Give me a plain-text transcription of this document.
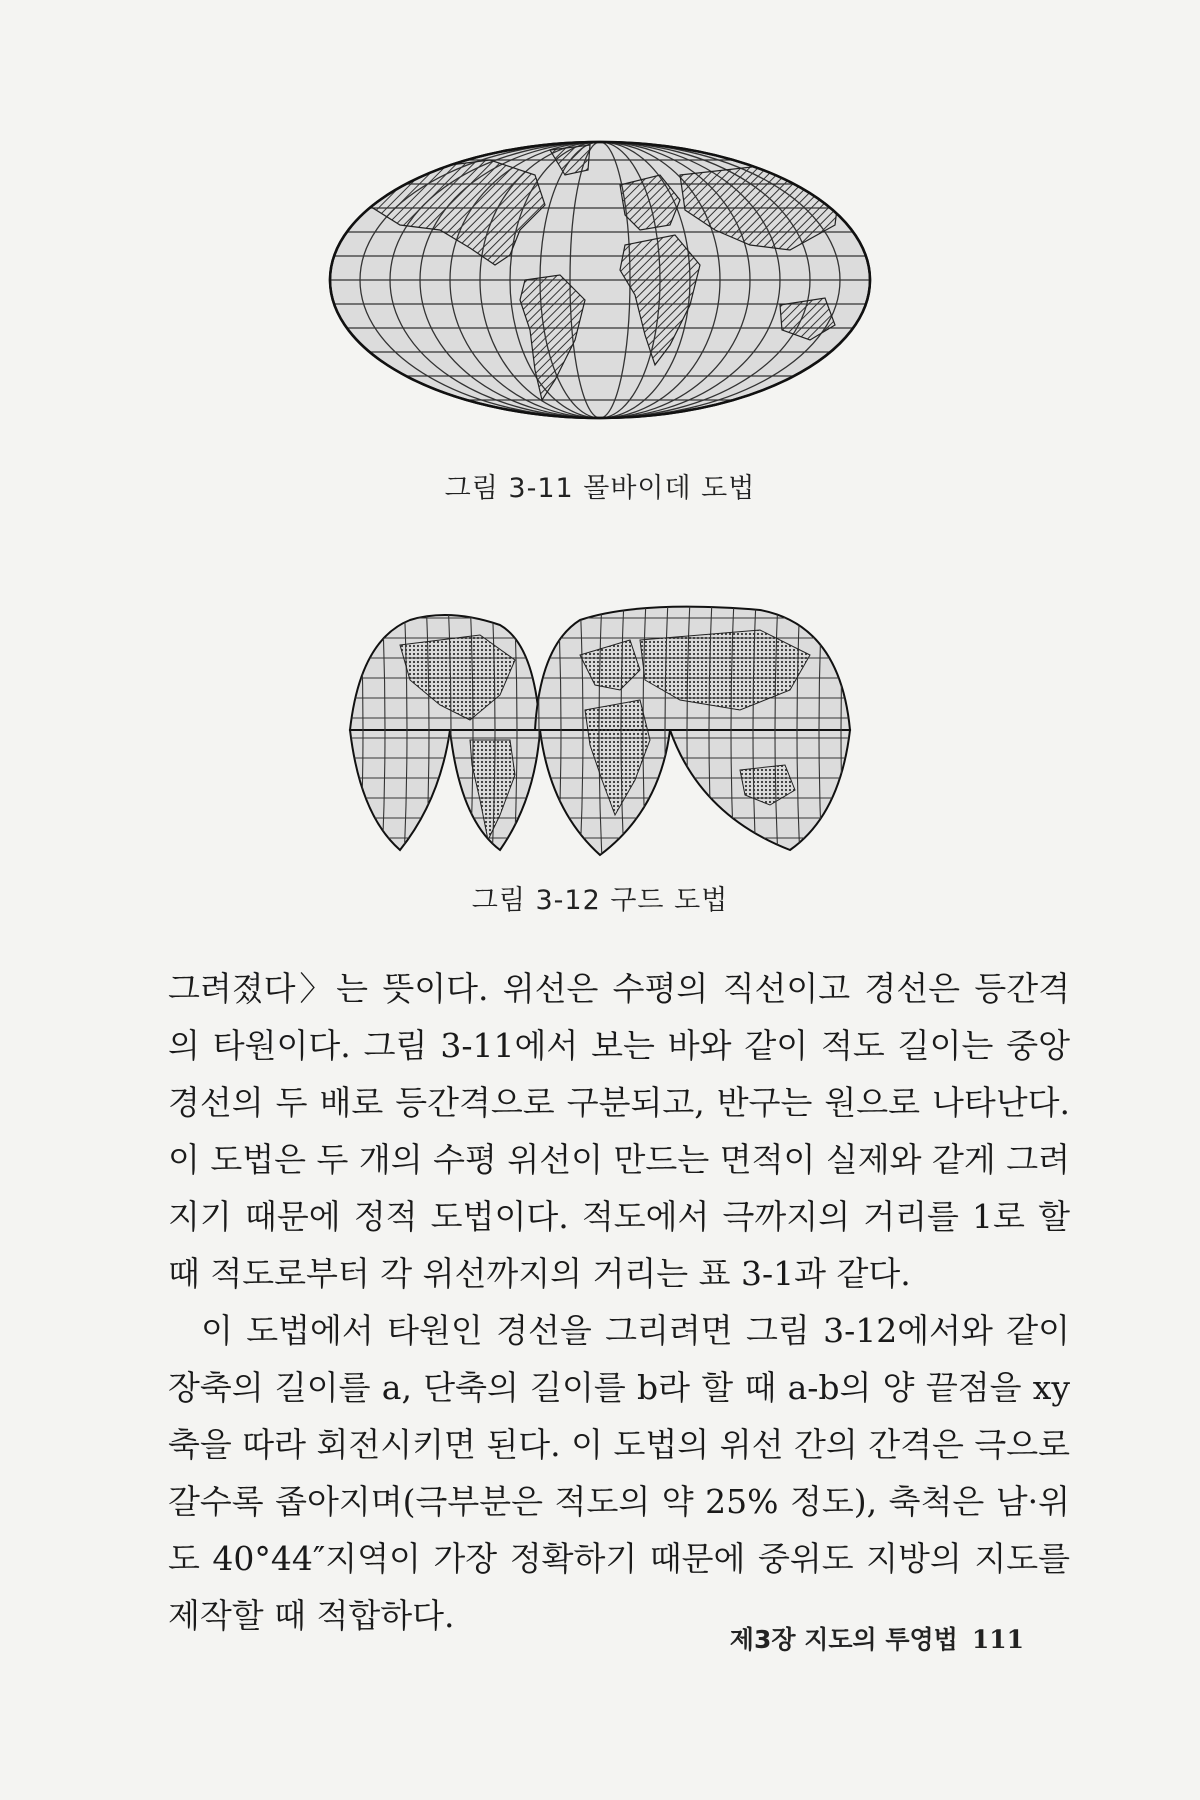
그림 3-11 몰바이데 도법
그림 3-12 구드 도법

그려졌다〉는 뜻이다. 위선은 수평의 직선이고 경선은 등간격의 타원이다. 그림 3-11에서 보는 바와 같이 적도 길이는 중앙 경선의 두 배로 등간격으로 구분되고, 반구는 원으로 나타난다. 이 도법은 두 개의 수평 위선이 만드는 면적이 실제와 같게 그려지기 때문에 정적 도법이다. 적도에서 극까지의 거리를 1로 할 때 적도로부터 각 위선까지의 거리는 표 3-1과 같다.

이 도법에서 타원인 경선을 그리려면 그림 3-12에서와 같이 장축의 길이를 a, 단축의 길이를 b라 할 때 a-b의 양 끝점을 xy축을 따라 회전시키면 된다. 이 도법의 위선 간의 간격은 극으로 갈수록 좁아지며(극부분은 적도의 약 25% 정도), 축척은 남·위도 40°44″지역이 가장 정확하기 때문에 중위도 지방의 지도를 제작할 때 적합하다.

제3장 지도의 투영법 111
